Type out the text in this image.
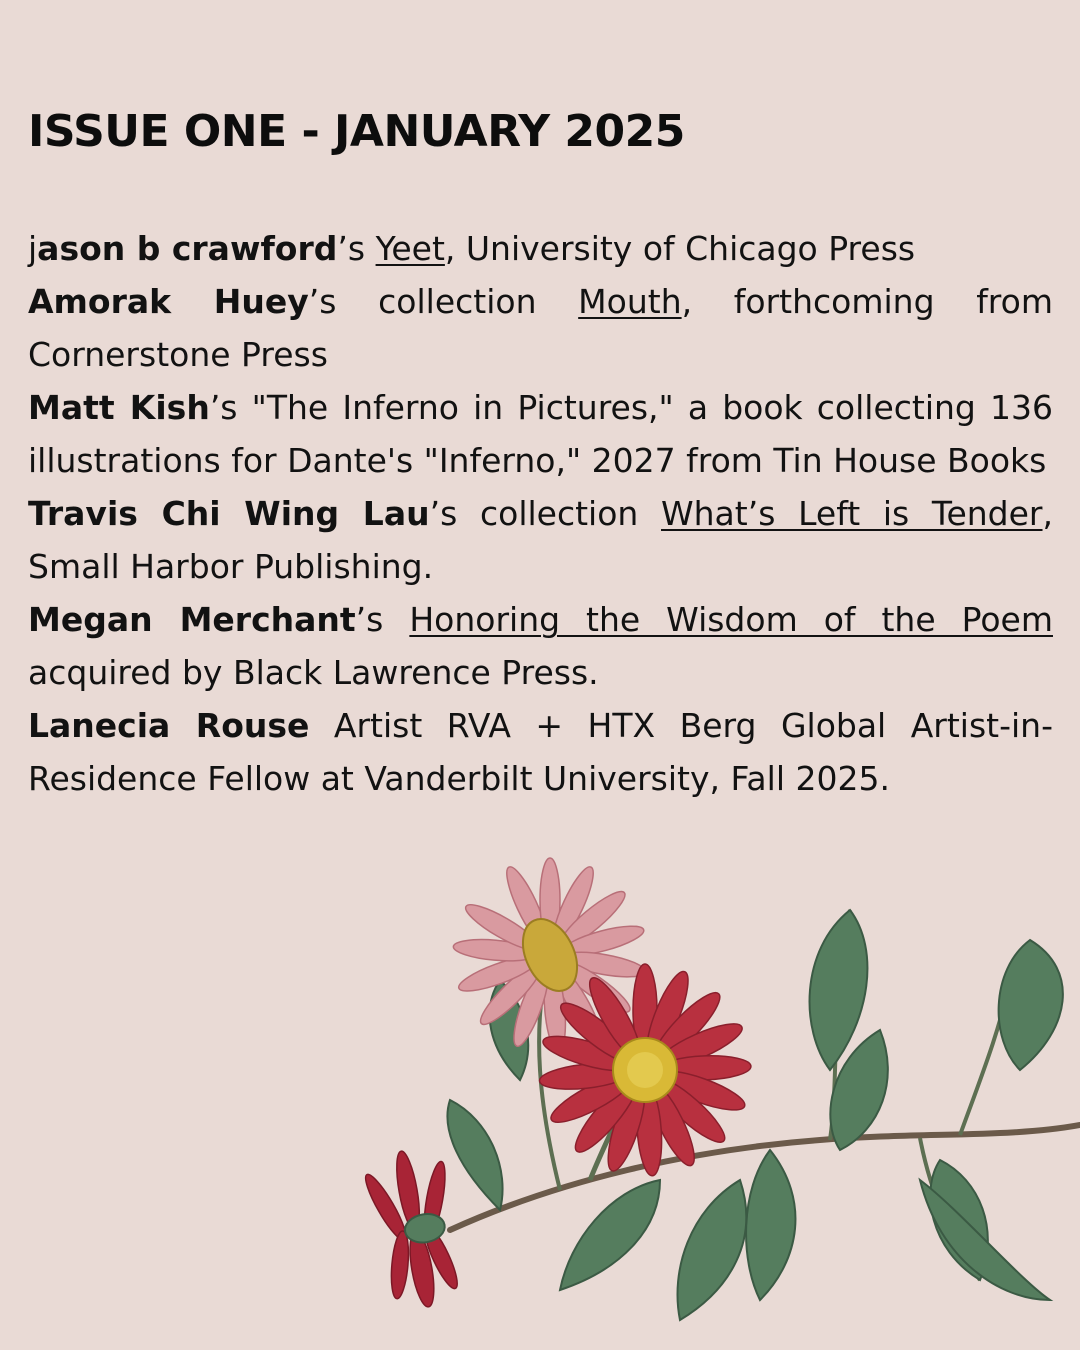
ISSUE ONE - JANUARY 2025

jason b crawford’s Yeet, University of Chicago Press

Amorak Huey’s collection Mouth, forthcoming from Cornerstone Press

Matt Kish’s "The Inferno in Pictures," a book collecting 136 illustrations for Dante's "Inferno," 2027 from Tin House Books

Travis Chi Wing Lau’s collection What’s Left is Tender, Small Harbor Publishing.

Megan Merchant’s Honoring the Wisdom of the Poem acquired by Black Lawrence Press.

Lanecia Rouse Artist RVA + HTX Berg Global Artist-in-Residence Fellow at Vanderbilt University, Fall 2025.
